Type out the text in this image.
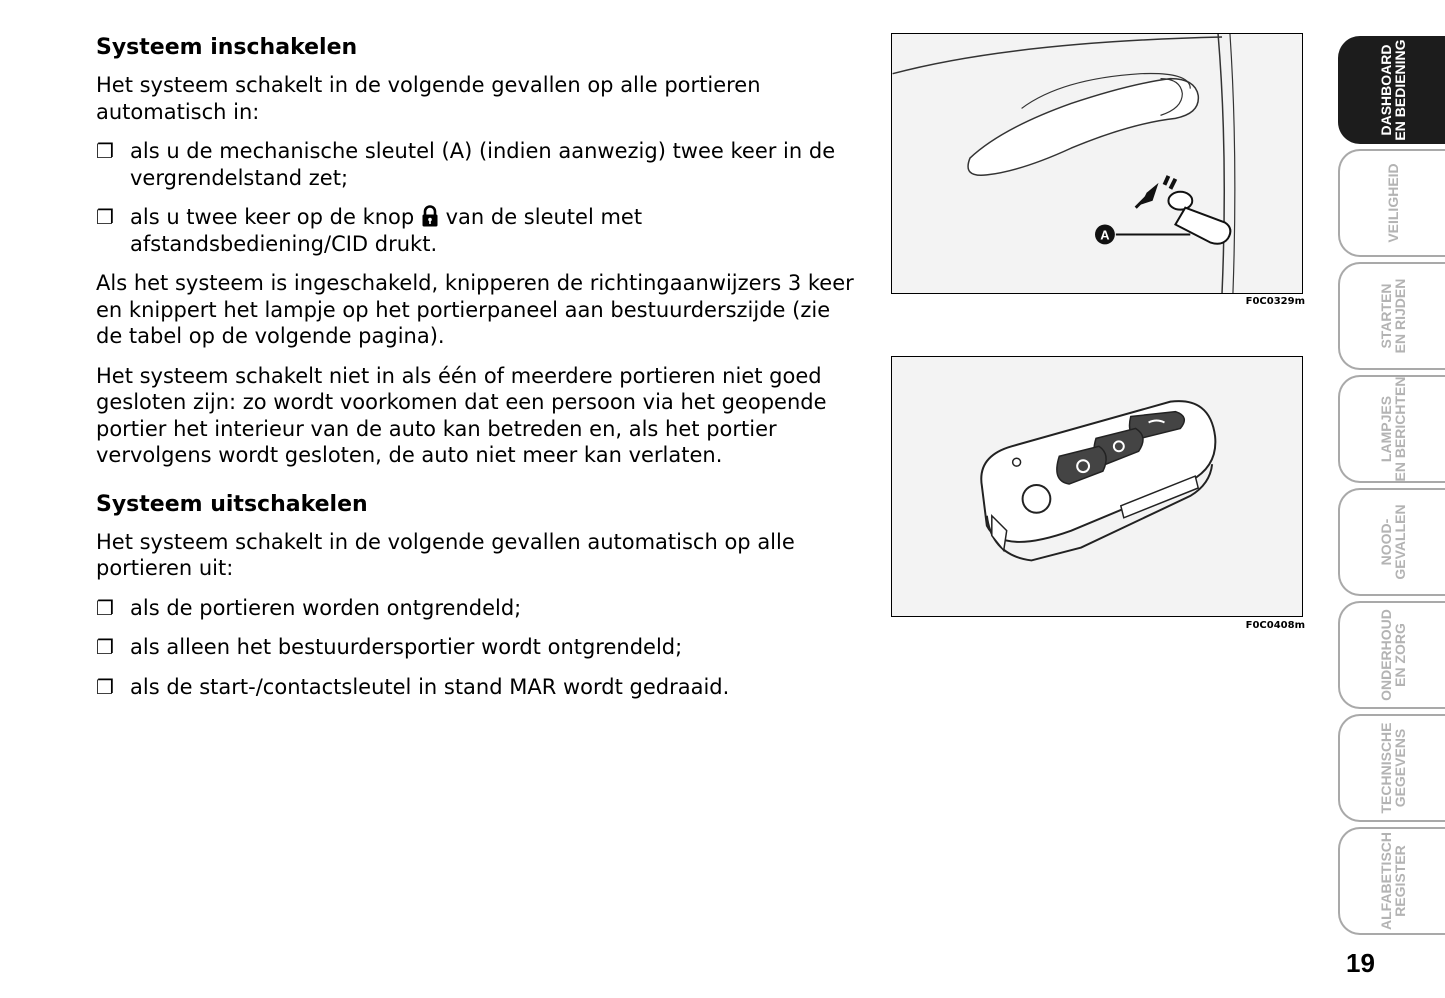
Systeem inschakelen

Het systeem schakelt in de volgende gevallen op alle portieren automatisch in:

❐ als u de mechanische sleutel (A) (indien aanwezig) twee keer in de vergrendelstand zet;
❐ als u twee keer op de knop van de sleutel met afstandsbediening/CID drukt.

Als het systeem is ingeschakeld, knipperen de richtingaanwijzers 3 keer en knippert het lampje op het portierpaneel aan bestuurderszijde (zie de tabel op de volgende pagina).

Het systeem schakelt niet in als één of meerdere portieren niet goed gesloten zijn: zo wordt voorkomen dat een persoon via het geopende portier het interieur van de auto kan betreden en, als het portier vervolgens wordt gesloten, de auto niet meer kan verlaten.

Systeem uitschakelen

Het systeem schakelt in de volgende gevallen automatisch op alle portieren uit:

❐ als de portieren worden ontgrendeld;
❐ als alleen het bestuurdersportier wordt ontgrendeld;
❐ als de start-/contactsleutel in stand MAR wordt gedraaid.
A
F0C0329m
F0C0408m
DASHBOARD
EN BEDIENING
VEILIGHEID
STARTEN
EN RIJDEN
LAMPJES
EN BERICHTEN
NOOD-
GEVALLEN
ONDERHOUD
EN ZORG
TECHNISCHE
GEGEVENS
ALFABETISCH
REGISTER
19
